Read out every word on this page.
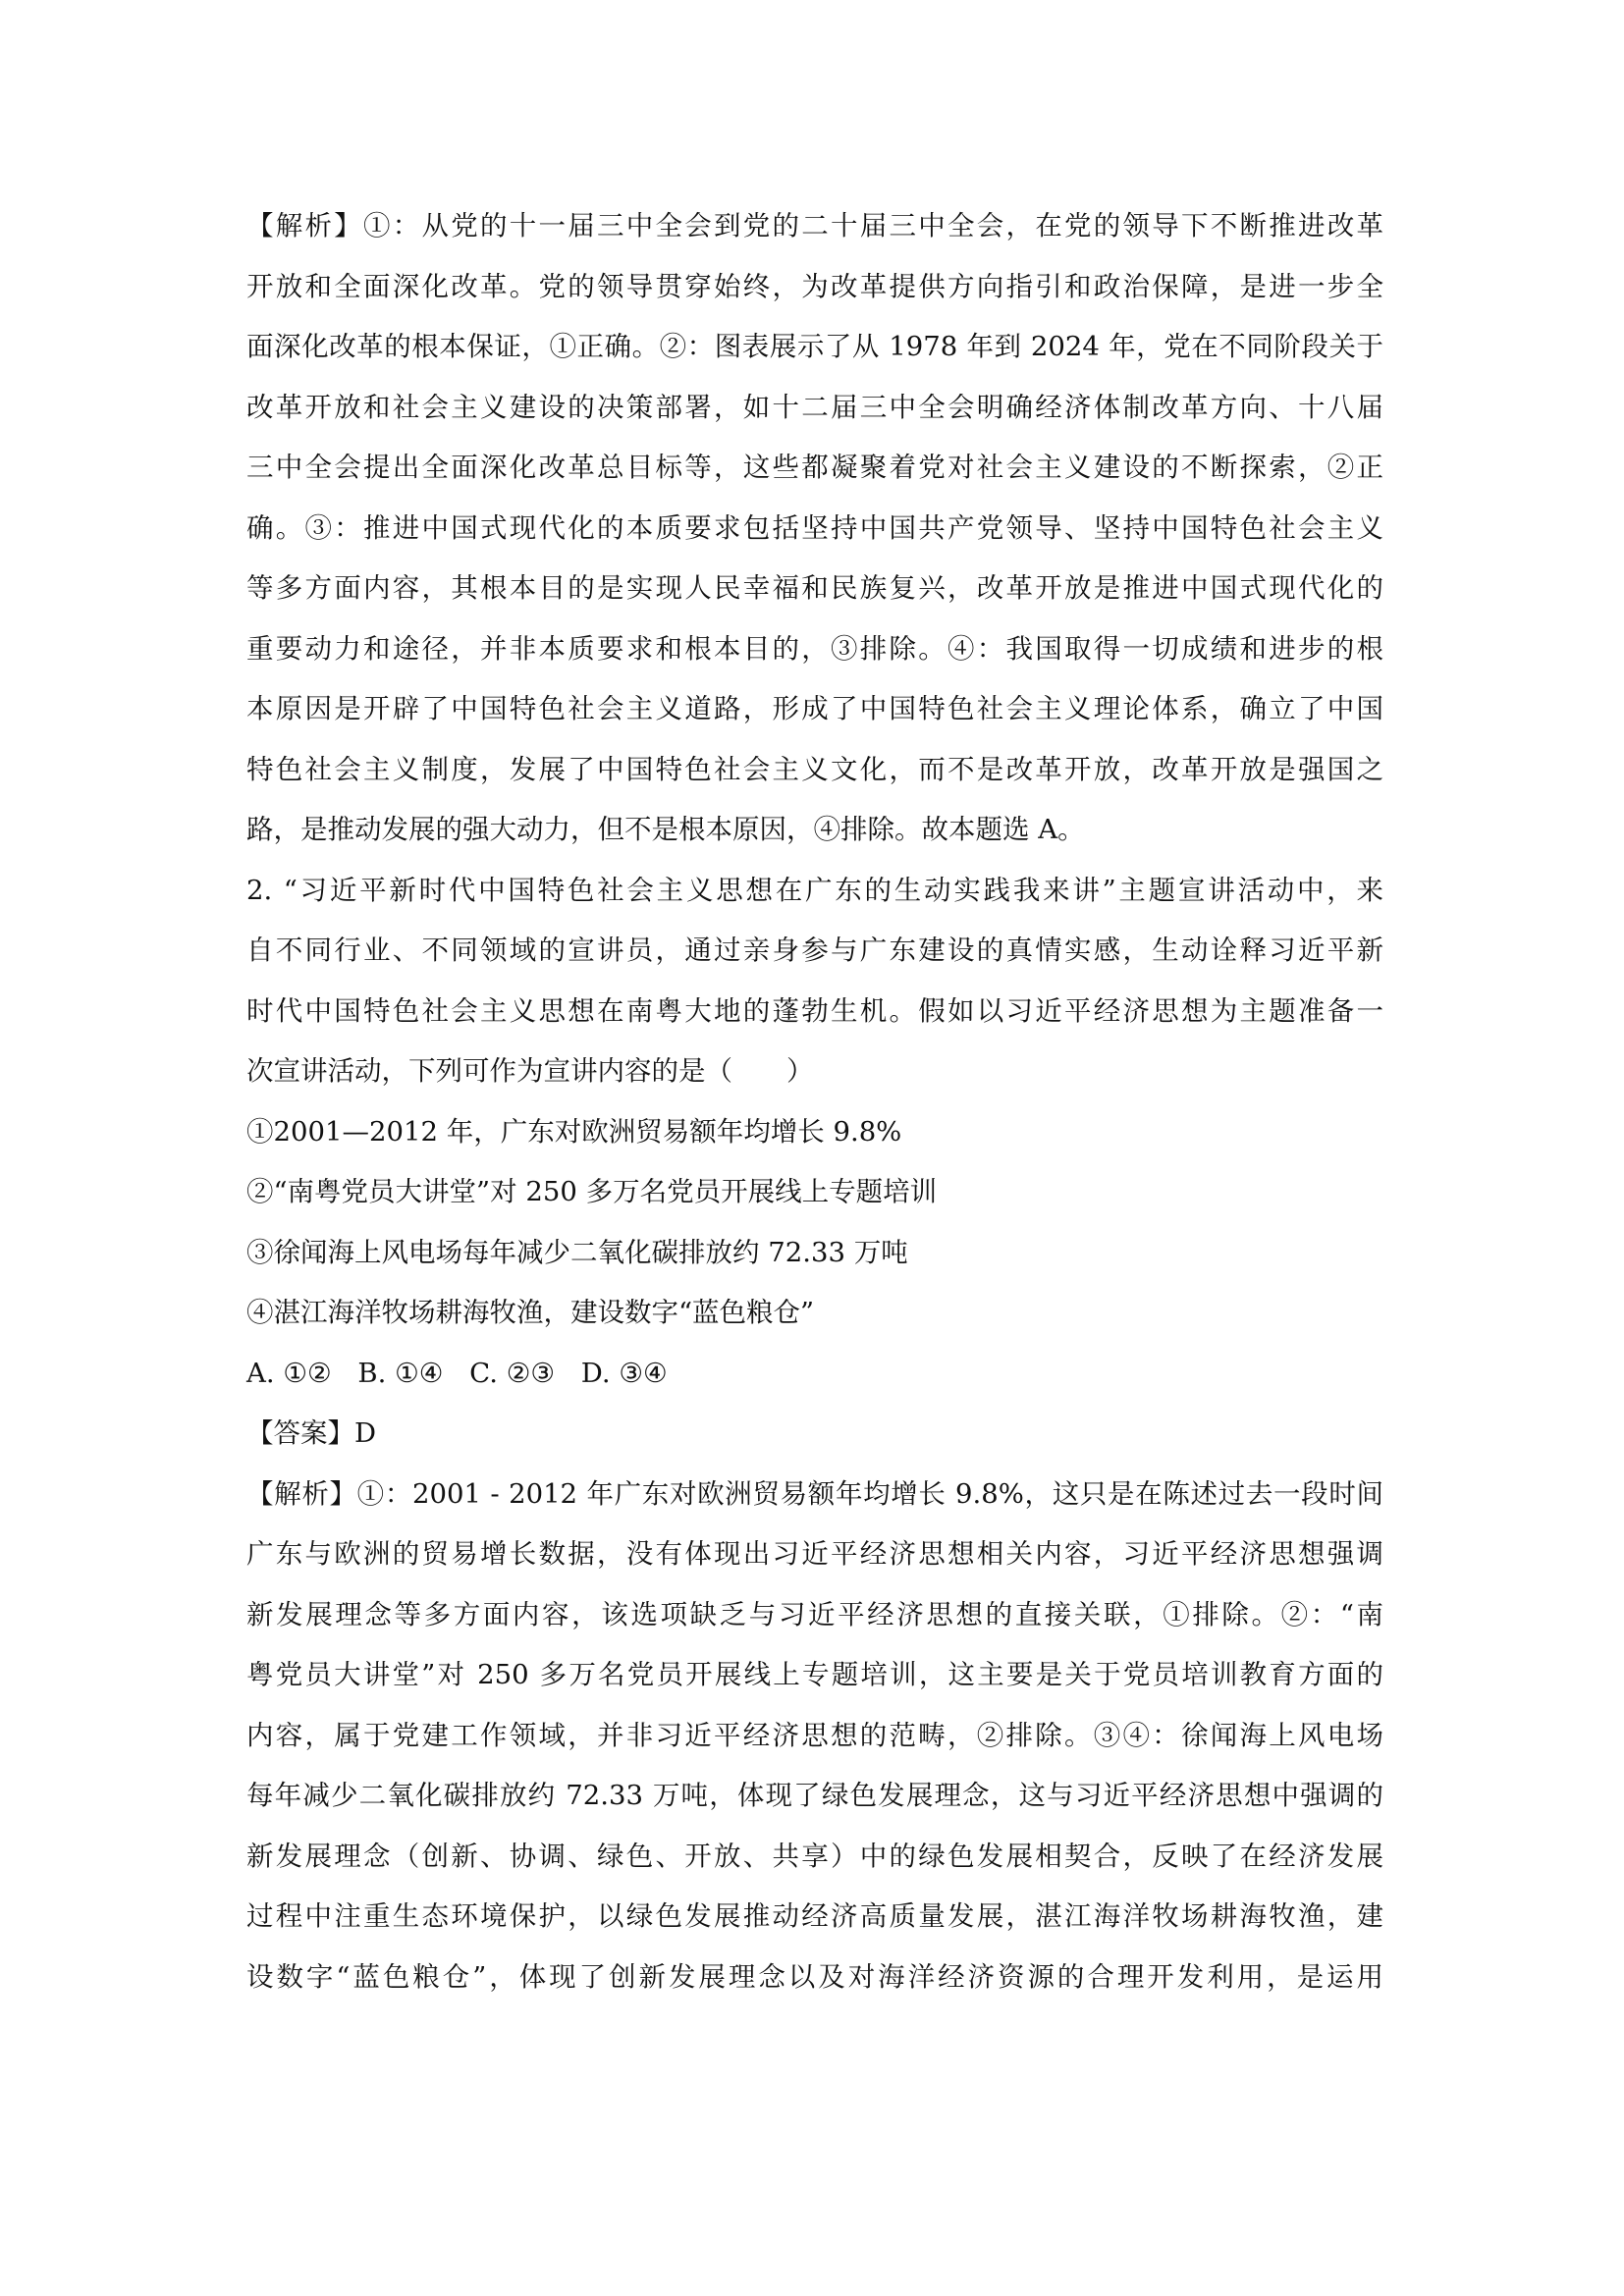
【解析】①：从党的十一届三中全会到党的二十届三中全会，在党的领导下不断推进改革
开放和全面深化改革。党的领导贯穿始终，为改革提供方向指引和政治保障，是进一步全
面深化改革的根本保证，①正确。②：图表展示了从 1978 年到 2024 年，党在不同阶段关于
改革开放和社会主义建设的决策部署，如十二届三中全会明确经济体制改革方向、十八届
三中全会提出全面深化改革总目标等，这些都凝聚着党对社会主义建设的不断探索，②正
确。③：推进中国式现代化的本质要求包括坚持中国共产党领导、坚持中国特色社会主义
等多方面内容，其根本目的是实现人民幸福和民族复兴，改革开放是推进中国式现代化的
重要动力和途径，并非本质要求和根本目的，③排除。④：我国取得一切成绩和进步的根
本原因是开辟了中国特色社会主义道路，形成了中国特色社会主义理论体系，确立了中国
特色社会主义制度，发展了中国特色社会主义文化，而不是改革开放，改革开放是强国之
路，是推动发展的强大动力，但不是根本原因，④排除。故本题选 A。
2. “习近平新时代中国特色社会主义思想在广东的生动实践我来讲”主题宣讲活动中，来
自不同行业、不同领域的宣讲员，通过亲身参与广东建设的真情实感，生动诠释习近平新
时代中国特色社会主义思想在南粤大地的蓬勃生机。假如以习近平经济思想为主题准备一
次宣讲活动，下列可作为宣讲内容的是（　　）
①2001—2012 年，广东对欧洲贸易额年均增长 9.8%
②“南粤党员大讲堂”对 250 多万名党员开展线上专题培训
③徐闻海上风电场每年减少二氧化碳排放约 72.33 万吨
④湛江海洋牧场耕海牧渔，建设数字“蓝色粮仓”
A. ①② B. ①④ C. ②③ D. ③④
【答案】D
【解析】①：2001 - 2012 年广东对欧洲贸易额年均增长 9.8%，这只是在陈述过去一段时间
广东与欧洲的贸易增长数据，没有体现出习近平经济思想相关内容，习近平经济思想强调
新发展理念等多方面内容，该选项缺乏与习近平经济思想的直接关联，①排除。②：“南
粤党员大讲堂”对 250 多万名党员开展线上专题培训，这主要是关于党员培训教育方面的
内容，属于党建工作领域，并非习近平经济思想的范畴，②排除。③④：徐闻海上风电场
每年减少二氧化碳排放约 72.33 万吨，体现了绿色发展理念，这与习近平经济思想中强调的
新发展理念（创新、协调、绿色、开放、共享）中的绿色发展相契合，反映了在经济发展
过程中注重生态环境保护，以绿色发展推动经济高质量发展，湛江海洋牧场耕海牧渔，建
设数字“蓝色粮仓”，体现了创新发展理念以及对海洋经济资源的合理开发利用，是运用
